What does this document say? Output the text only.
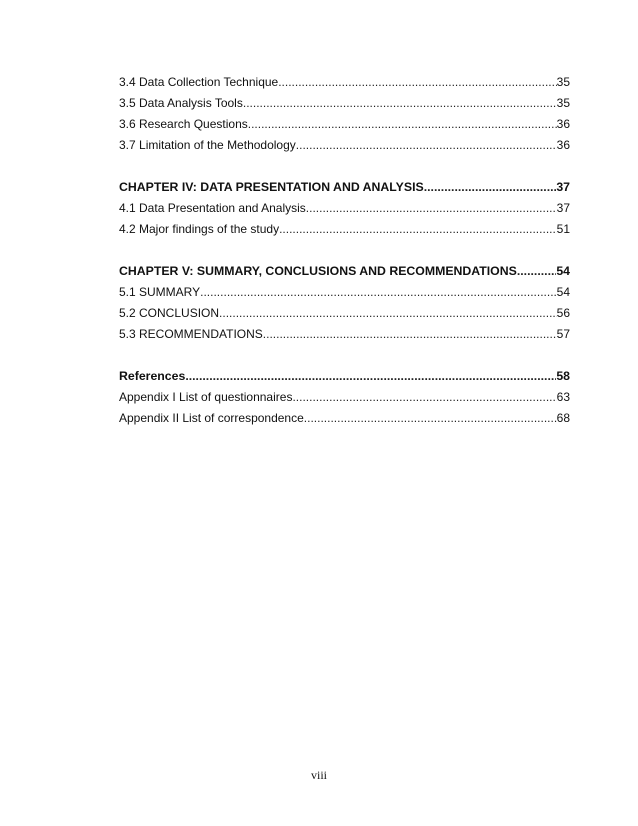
3.4 Data Collection Technique .....	35
3.5 Data Analysis Tools .....	35
3.6 Research Questions .....	36
3.7 Limitation of the Methodology .....	36
CHAPTER IV: DATA PRESENTATION AND ANALYSIS .....	37
4.1 Data Presentation and Analysis .....	37
4.2 Major findings of the study .....	51
CHAPTER V: SUMMARY, CONCLUSIONS AND RECOMMENDATIONS .....	54
5.1 SUMMARY .....	54
5.2 CONCLUSION .....	56
5.3 RECOMMENDATIONS .....	57
References .....	58
Appendix I List of questionnaires .....	63
Appendix II List of correspondence .....	68
viii
